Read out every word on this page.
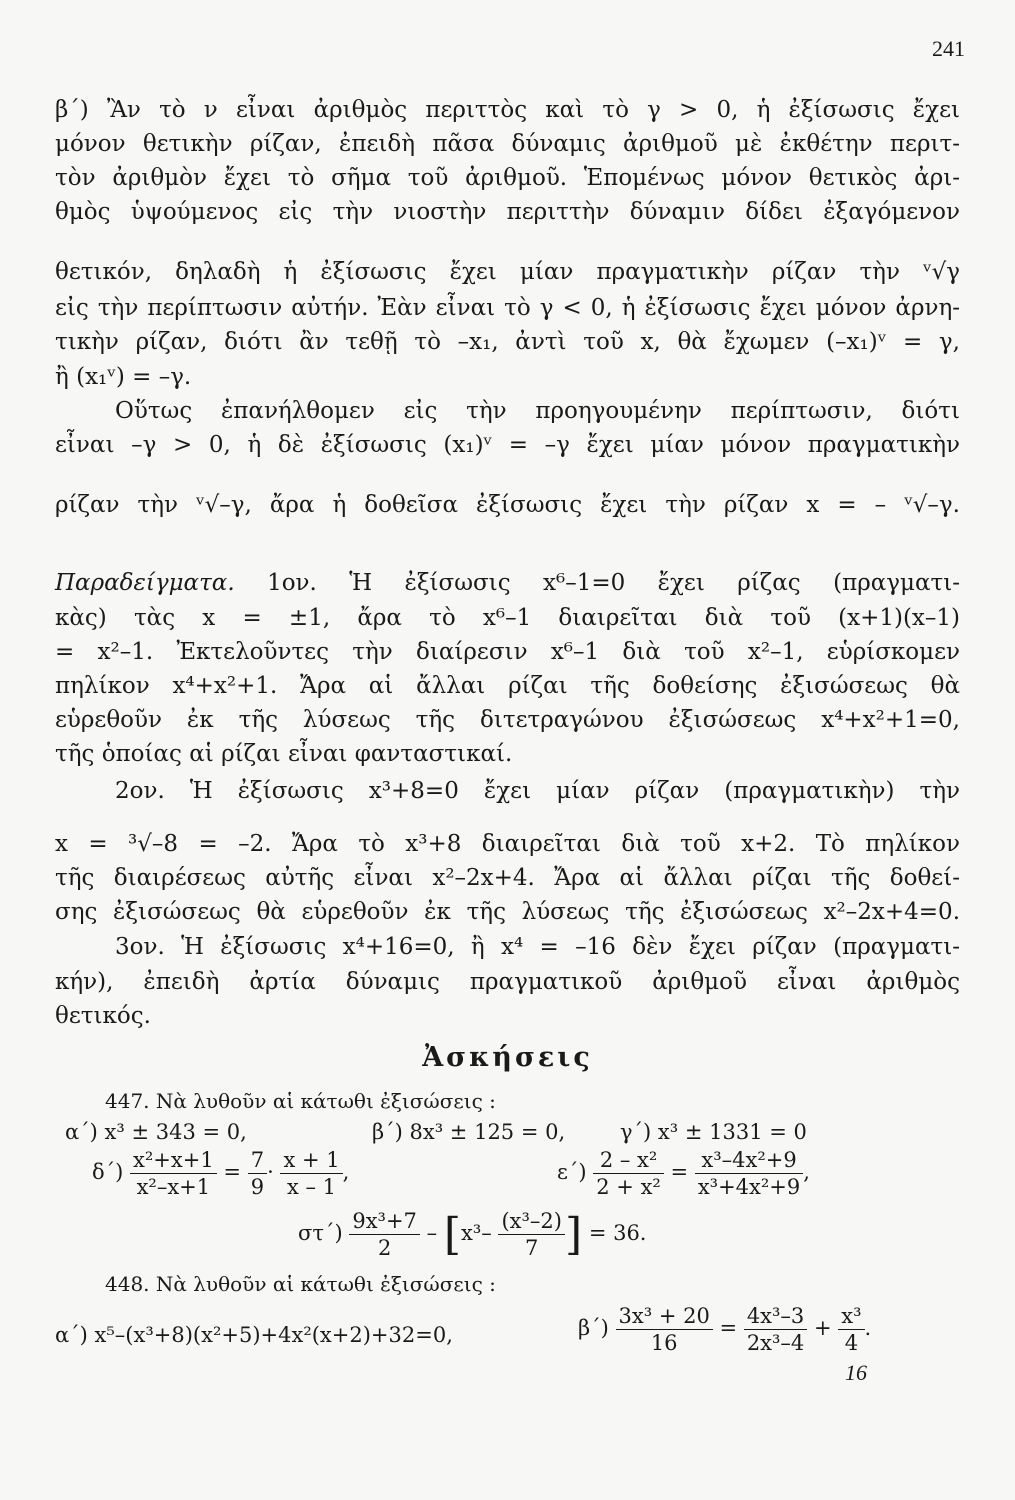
241
β΄) Ἂν τὸ ν εἶναι ἀριθμὸς περιττὸς καὶ τὸ γ > 0, ἡ ἐξίσωσις ἔχει
μόνον θετικὴν ρίζαν, ἐπειδὴ πᾶσα δύναμις ἀριθμοῦ μὲ ἐκθέτην περιτ-
τὸν ἀριθμὸν ἔχει τὸ σῆμα τοῦ ἀριθμοῦ. Ἑπομένως μόνον θετικὸς ἀρι-
θμὸς ὑψούμενος εἰς τὴν νιοστὴν περιττὴν δύναμιν δίδει ἐξαγόμενον
θετικόν, δηλαδὴ ἡ ἐξίσωσις ἔχει μίαν πραγματικὴν ρίζαν τὴν ᵛ√γ
εἰς τὴν περίπτωσιν αὐτήν. Ἐὰν εἶναι τὸ γ < 0, ἡ ἐξίσωσις ἔχει μόνον ἀρνη-
τικὴν ρίζαν, διότι ἂν τεθῇ τὸ –x₁, ἀντὶ τοῦ x, θὰ ἔχωμεν (–x₁)ᵛ = γ,
ἢ (x₁ᵛ) = –γ.
Οὕτως ἐπανήλθομεν εἰς τὴν προηγουμένην περίπτωσιν, διότι
εἶναι –γ > 0, ἡ δὲ ἐξίσωσις (x₁)ᵛ = –γ ἔχει μίαν μόνον πραγματικὴν
ρίζαν τὴν ᵛ√–γ, ἄρα ἡ δοθεῖσα ἐξίσωσις ἔχει τὴν ρίζαν x = – ᵛ√–γ.
Παραδείγματα. 1ον. Ἡ ἐξίσωσις x⁶–1=0 ἔχει ρίζας (πραγματι-
κὰς) τὰς x = ±1, ἄρα τὸ x⁶–1 διαιρεῖται διὰ τοῦ (x+1)(x–1)
= x²–1. Ἐκτελοῦντες τὴν διαίρεσιν x⁶–1 διὰ τοῦ x²–1, εὑρίσκομεν
πηλίκον x⁴+x²+1. Ἄρα αἱ ἄλλαι ρίζαι τῆς δοθείσης ἐξισώσεως θὰ
εὑρεθοῦν ἐκ τῆς λύσεως τῆς διτετραγώνου ἐξισώσεως x⁴+x²+1=0,
τῆς ὁποίας αἱ ρίζαι εἶναι φανταστικαί.
2ον. Ἡ ἐξίσωσις x³+8=0 ἔχει μίαν ρίζαν (πραγματικὴν) τὴν
x = ³√–8 = –2. Ἄρα τὸ x³+8 διαιρεῖται διὰ τοῦ x+2. Τὸ πηλίκον
τῆς διαιρέσεως αὐτῆς εἶναι x²–2x+4. Ἄρα αἱ ἄλλαι ρίζαι τῆς δοθεί-
σης ἐξισώσεως θὰ εὑρεθοῦν ἐκ τῆς λύσεως τῆς ἐξισώσεως x²–2x+4=0.
3ον. Ἡ ἐξίσωσις x⁴+16=0, ἢ x⁴ = –16 δὲν ἔχει ρίζαν (πραγματι-
κήν), ἐπειδὴ ἀρτία δύναμις πραγματικοῦ ἀριθμοῦ εἶναι ἀριθμὸς
θετικός.
Ἀσκήσεις
447. Νὰ λυθοῦν αἱ κάτωθι ἐξισώσεις :
α΄) x³ ± 343 = 0,	β΄) 8x³ ± 125 = 0,	γ΄) x³ ± 1331 = 0
$\delta΄) \frac{\text{x²+x+1}}{\text{x²–x+1}} = \frac{7}{9} \cdot \frac{x + 1}{x - 1}$ ,	$\varepsilon΄) \frac{\text{2 – x²}}{\text{2 + x²}} = \frac{\text{x³–4x²+9}}{\text{x³+4x²+9}}$ ,
$\sigma\tau΄) \frac{\text{9x³+7}}{2} - [x^3- \frac{\text{(x³–2)}}{7}$ ] = 36.
448. Νὰ λυθοῦν αἱ κάτωθι ἐξισώσεις :
α΄) x⁵–(x³+8)(x²+5)+4x²(x+2)+32=0,	$\beta΄) \frac{\text{3x³ + 20}}{16} = \frac{\text{4x³–3}}{\text{2x³–4}} + \frac{\text{x³}}{4}$ .
16
